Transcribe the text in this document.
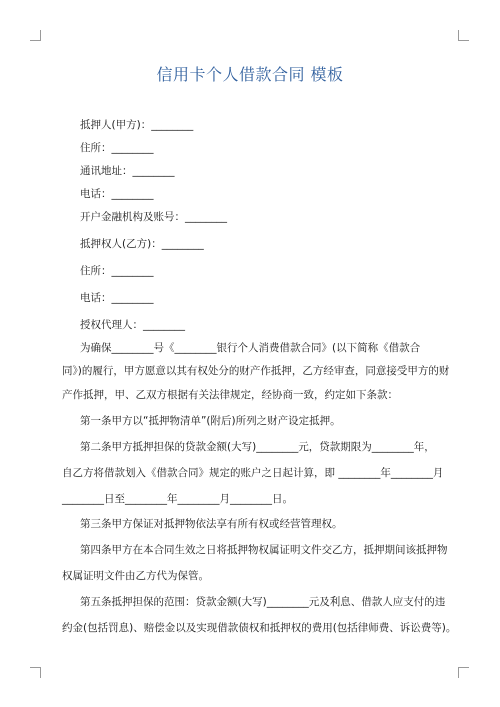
信用卡个人借款合同 模板
抵押人(甲方)：________
住所：________
通讯地址：________
电话：________
开户金融机构及账号：________
抵押权人(乙方)：________
住所：________
电话：________
授权代理人：________
为确保________号《________银行个人消费借款合同》(以下简称《借款合
同》)的履行，甲方愿意以其有权处分的财产作抵押，乙方经审查，同意接受甲方的财
产作抵押，甲、乙双方根据有关法律规定，经协商一致，约定如下条款：
第一条甲方以“抵押物清单”(附后)所列之财产设定抵押。
第二条甲方抵押担保的贷款金额(大写)________元，贷款期限为________年，
自乙方将借款划入《借款合同》规定的账户之日起计算，即 ________年________月
________日至________年________月________日。
第三条甲方保证对抵押物依法享有所有权或经营管理权。
第四条甲方在本合同生效之日将抵押物权属证明文件交乙方，抵押期间该抵押物
权属证明文件由乙方代为保管。
第五条抵押担保的范围：贷款金额(大写)________元及利息、借款人应支付的违
约金(包括罚息)、赔偿金以及实现借款债权和抵押权的费用(包括律师费、诉讼费等)。
